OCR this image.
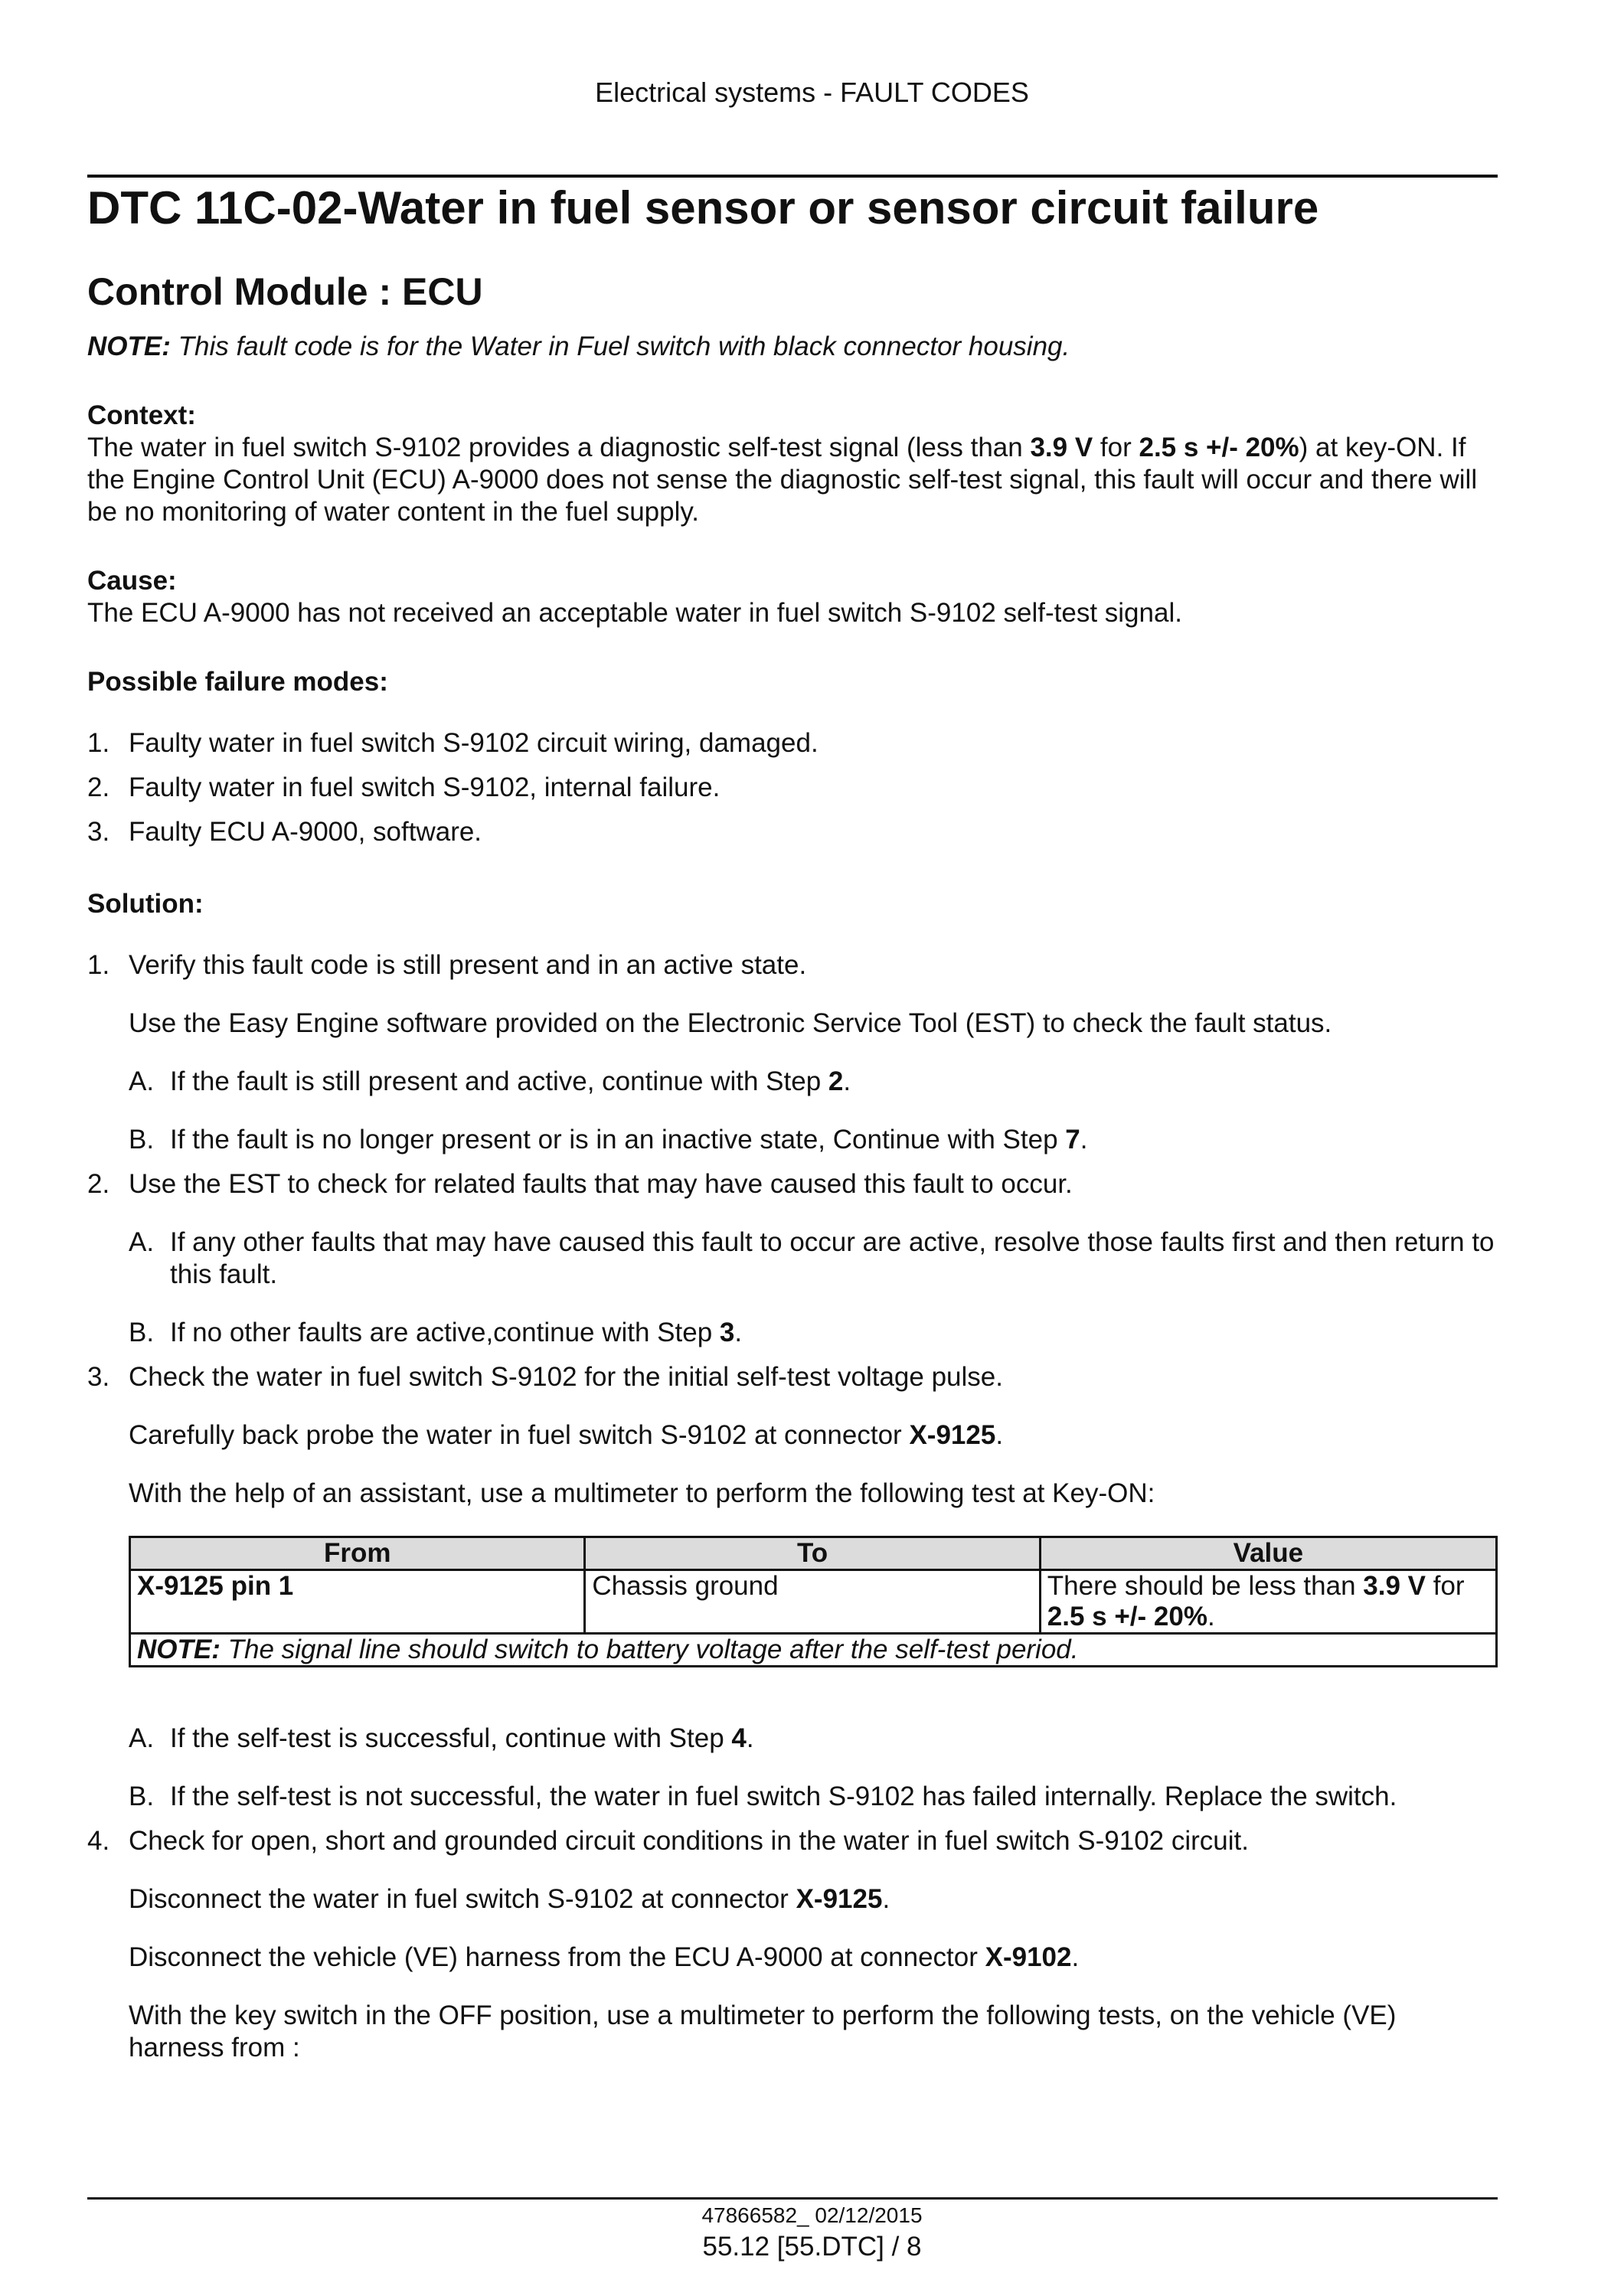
Electrical systems - FAULT CODES
DTC 11C-02-Water in fuel sensor or sensor circuit failure
Control Module : ECU

NOTE: This fault code is for the Water in Fuel switch with black connector housing.

Context:

The water in fuel switch S-9102 provides a diagnostic self-test signal (less than 3.9 V for 2.5 s +/- 20%) at key-ON. If the Engine Control Unit (ECU) A-9000 does not sense the diagnostic self-test signal, this fault will occur and there will be no monitoring of water content in the fuel supply.

Cause:

The ECU A-9000 has not received an acceptable water in fuel switch S-9102 self-test signal.

Possible failure modes:

1. Faulty water in fuel switch S-9102 circuit wiring, damaged.
2. Faulty water in fuel switch S-9102, internal failure.
3. Faulty ECU A-9000, software.

Solution:

1. Verify this fault code is still present and in an active state.

Use the Easy Engine software provided on the Electronic Service Tool (EST) to check the fault status.

A. If the fault is still present and active, continue with Step 2.
B. If the fault is no longer present or is in an inactive state, Continue with Step 7.
2. Use the EST to check for related faults that may have caused this fault to occur.
A. If any other faults that may have caused this fault to occur are active, resolve those faults first and then return to this fault.
B. If no other faults are active,continue with Step 3.
3. Check the water in fuel switch S-9102 for the initial self-test voltage pulse.

Carefully back probe the water in fuel switch S-9102 at connector X-9125.

With the help of an assistant, use a multimeter to perform the following test at Key-ON:

From	To	Value
X-9125 pin 1	Chassis ground	There should be less than 3.9 V for 2.5 s +/- 20%.
NOTE: The signal line should switch to battery voltage after the self-test period.		
A. If the self-test is successful, continue with Step 4.
B. If the self-test is not successful, the water in fuel switch S-9102 has failed internally. Replace the switch.
4. Check for open, short and grounded circuit conditions in the water in fuel switch S-9102 circuit.

Disconnect the water in fuel switch S-9102 at connector X-9125.

Disconnect the vehicle (VE) harness from the ECU A-9000 at connector X-9102.

With the key switch in the OFF position, use a multimeter to perform the following tests, on the vehicle (VE) harness from :

47866582_ 02/12/2015
55.12 [55.DTC] / 8
